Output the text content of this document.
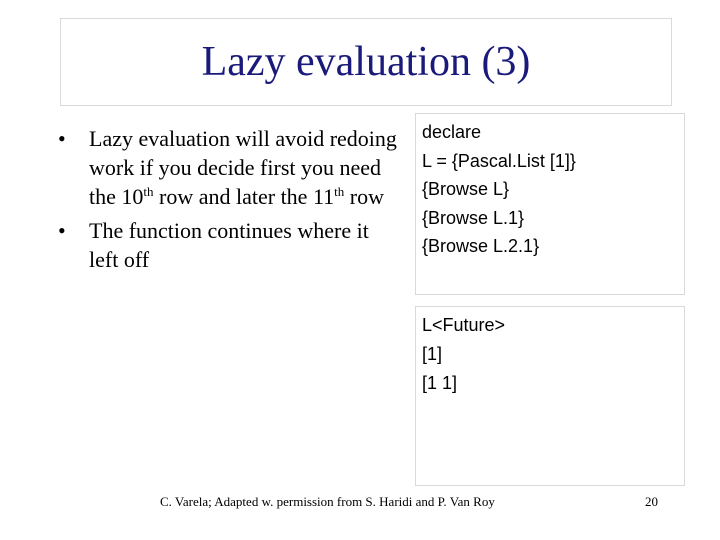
Lazy evaluation (3)
• Lazy evaluation will avoid redoing work if you decide first you need the 10th row and later the 11th row
• The function continues where it left off
declare
L = {Pascal.List [1]}
{Browse L}
{Browse L.1}
{Browse L.2.1}
L<Future>
[1]
[1 1]
C. Varela; Adapted w. permission from S. Haridi and P. Van Roy	20
